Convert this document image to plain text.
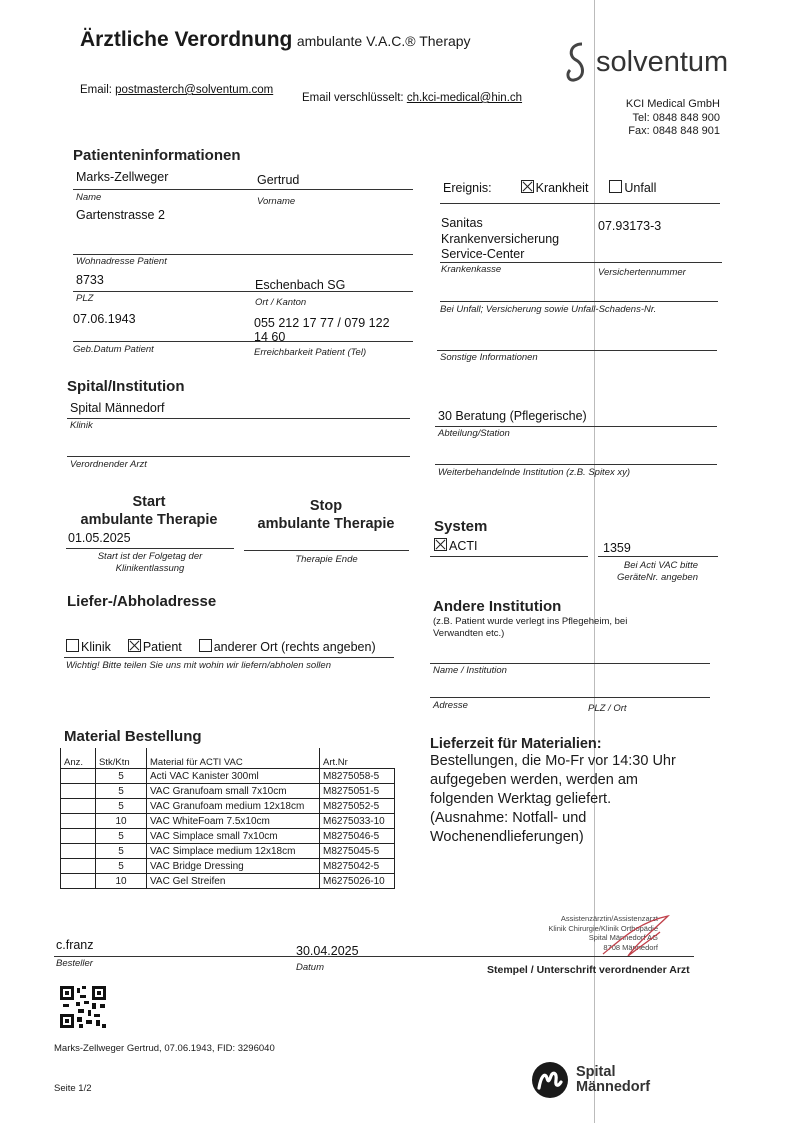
Ärztliche Verordnung ambulante V.A.C.® Therapy
solventum
Email: postmasterch@solventum.com
Email verschlüsselt: ch.kci-medical@hin.ch	KCI Medical GmbH
Tel: 0848 848 900
Fax: 0848 848 901
Patienteninformationen
Marks-Zellweger	Gertrud
Name	Vorname
Gartenstrasse 2
Wohnadresse Patient
8733	Eschenbach SG
PLZ	Ort / Kanton
07.06.1943	055 212 17 77 / 079 122
14 60
Geb.Datum Patient	Erreichbarkeit Patient (Tel)
Ereignis:	Krankheit	Unfall
Sanitas
Krankenversicherung
Service-Center
07.93173-3
Krankenkasse	Versichertennummer
Bei Unfall; Versicherung sowie Unfall-Schadens-Nr.
Sonstige Informationen
Spital/Institution
Spital Männedorf
Klinik
Verordnender Arzt
30 Beratung (Pflegerische)
Abteilung/Station
Weiterbehandelnde Institution (z.B. Spitex xy)
Start
ambulante Therapie
01.05.2025
Start ist der Folgetag der
Klinikentlassung
Stop
ambulante Therapie
Therapie Ende
System
ACTI	1359
Bei Acti VAC bitte
GeräteNr. angeben
Liefer-/Abholadresse
Klinik	Patient	anderer Ort (rechts angeben)
Wichtig! Bitte teilen Sie uns mit wohin wir liefern/abholen sollen
Andere Institution
(z.B. Patient wurde verlegt ins Pflegeheim, bei
Verwandten etc.)
Name / Institution
Adresse	PLZ / Ort
Material Bestellung
Anz.	Stk/Ktn	Material für ACTI VAC	Art.Nr
	5	Acti VAC Kanister 300ml	M8275058-5
	5	VAC Granufoam small 7x10cm	M8275051-5
	5	VAC Granufoam medium 12x18cm	M8275052-5
	10	VAC WhiteFoam 7.5x10cm	M6275033-10
	5	VAC Simplace small 7x10cm	M8275046-5
	5	VAC Simplace medium 12x18cm	M8275045-5
	5	VAC Bridge Dressing	M8275042-5
	10	VAC Gel Streifen	M6275026-10
Lieferzeit für Materialien:
Bestellungen, die Mo-Fr vor 14:30 Uhr
aufgegeben werden, werden am
folgenden Werktag geliefert.
(Ausnahme: Notfall- und
Wochenendlieferungen)
Assistenzärztin/Assistenzarzt
Klinik Chirurgie/Klinik Orthopädie
Spital Männedorf AG
8708 Männedorf
c.franz	30.04.2025
Besteller	Datum	Stempel / Unterschrift verordnender Arzt
Marks-Zellweger Gertrud, 07.06.1943, FID: 3296040
Seite 1/2
Spital
Männedorf
